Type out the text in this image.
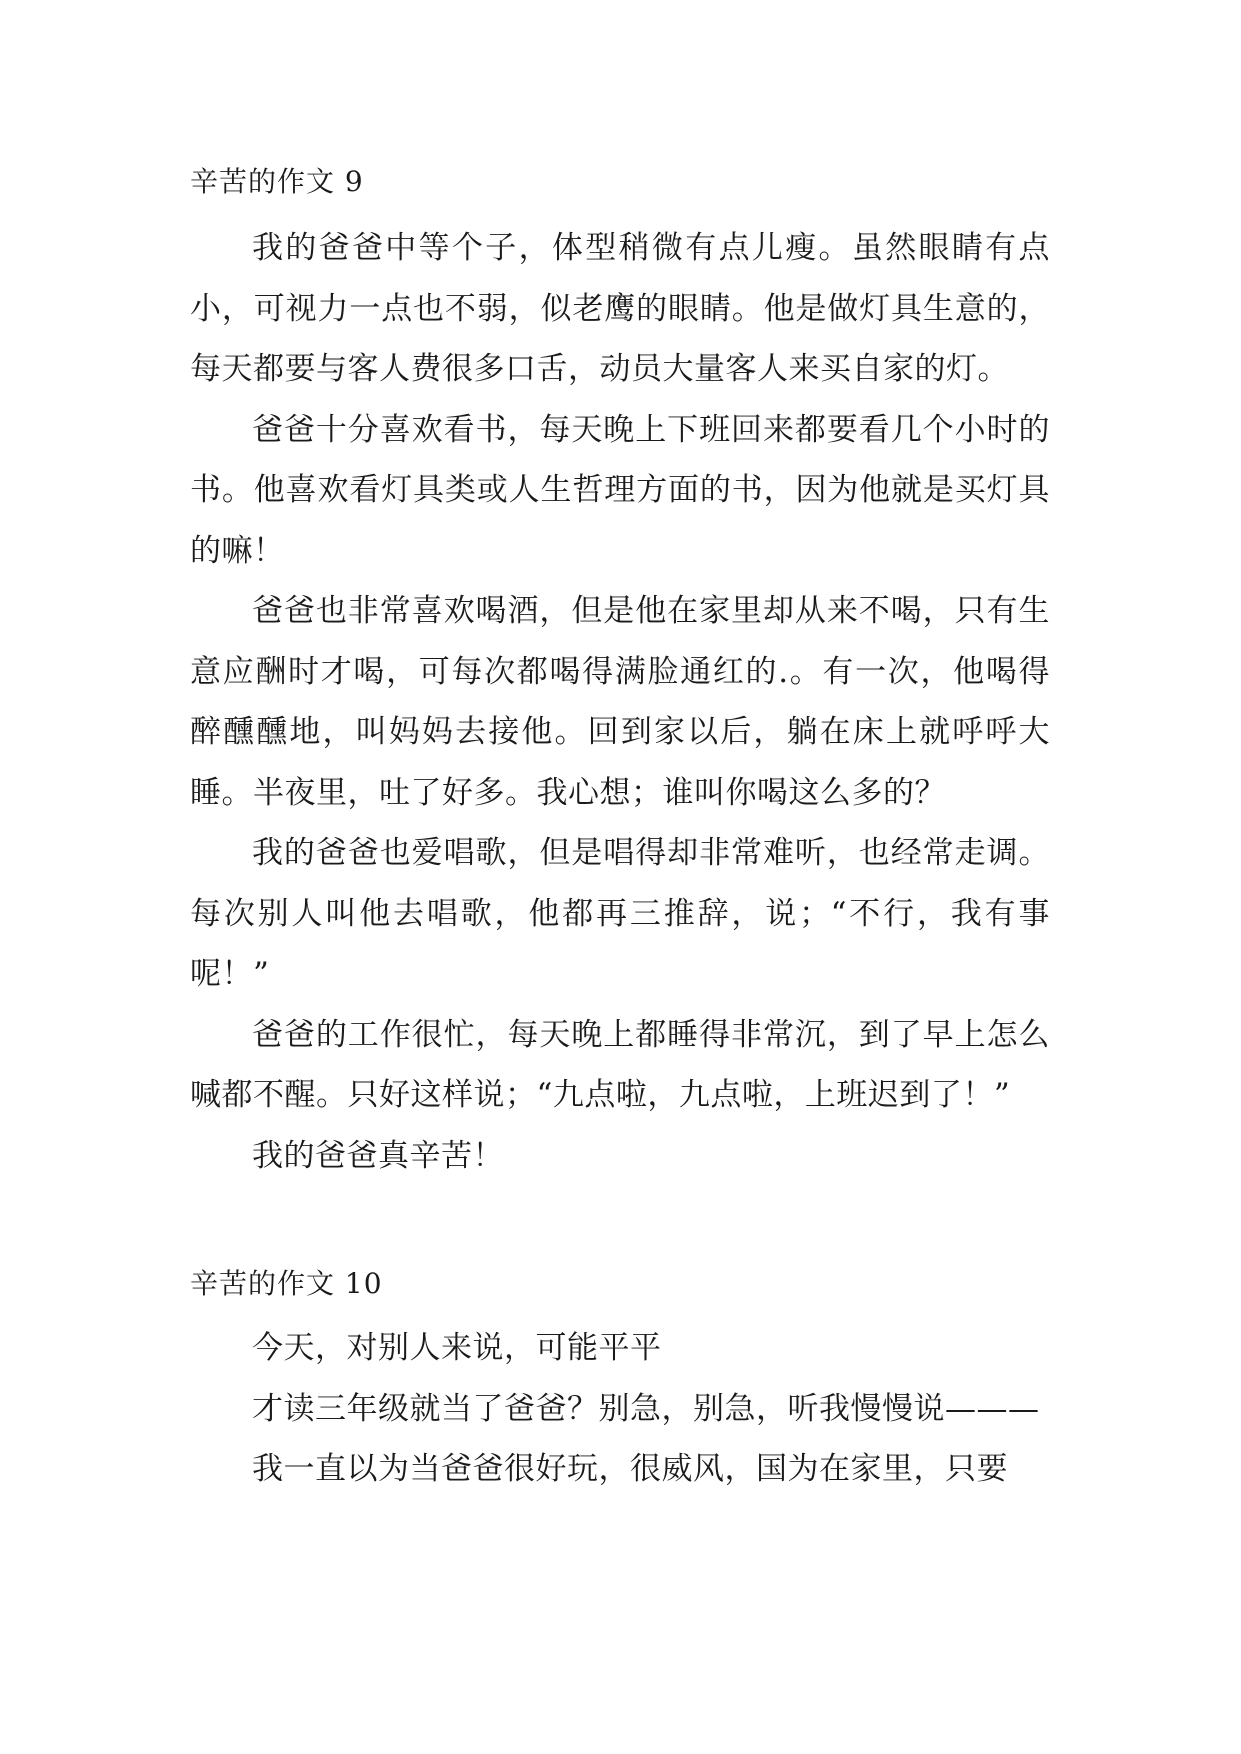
辛苦的作文 9

我的爸爸中等个子，体型稍微有点儿瘦。虽然眼睛有点小，可视力一点也不弱，似老鹰的眼睛。他是做灯具生意的，每天都要与客人费很多口舌，动员大量客人来买自家的灯。

爸爸十分喜欢看书，每天晚上下班回来都要看几个小时的书。他喜欢看灯具类或人生哲理方面的书，因为他就是买灯具的嘛！

爸爸也非常喜欢喝酒，但是他在家里却从来不喝，只有生意应酬时才喝，可每次都喝得满脸通红的.。有一次，他喝得醉醺醺地，叫妈妈去接他。回到家以后，躺在床上就呼呼大睡。半夜里，吐了好多。我心想；谁叫你喝这么多的？

我的爸爸也爱唱歌，但是唱得却非常难听，也经常走调。每次别人叫他去唱歌，他都再三推辞，说；“不行，我有事呢！”

爸爸的工作很忙，每天晚上都睡得非常沉，到了早上怎么喊都不醒。只好这样说；“九点啦，九点啦，上班迟到了！”

我的爸爸真辛苦！

辛苦的作文 10

今天，对别人来说，可能平平

才读三年级就当了爸爸？别急，别急，听我慢慢说———

我一直以为当爸爸很好玩，很威风，国为在家里，只要
